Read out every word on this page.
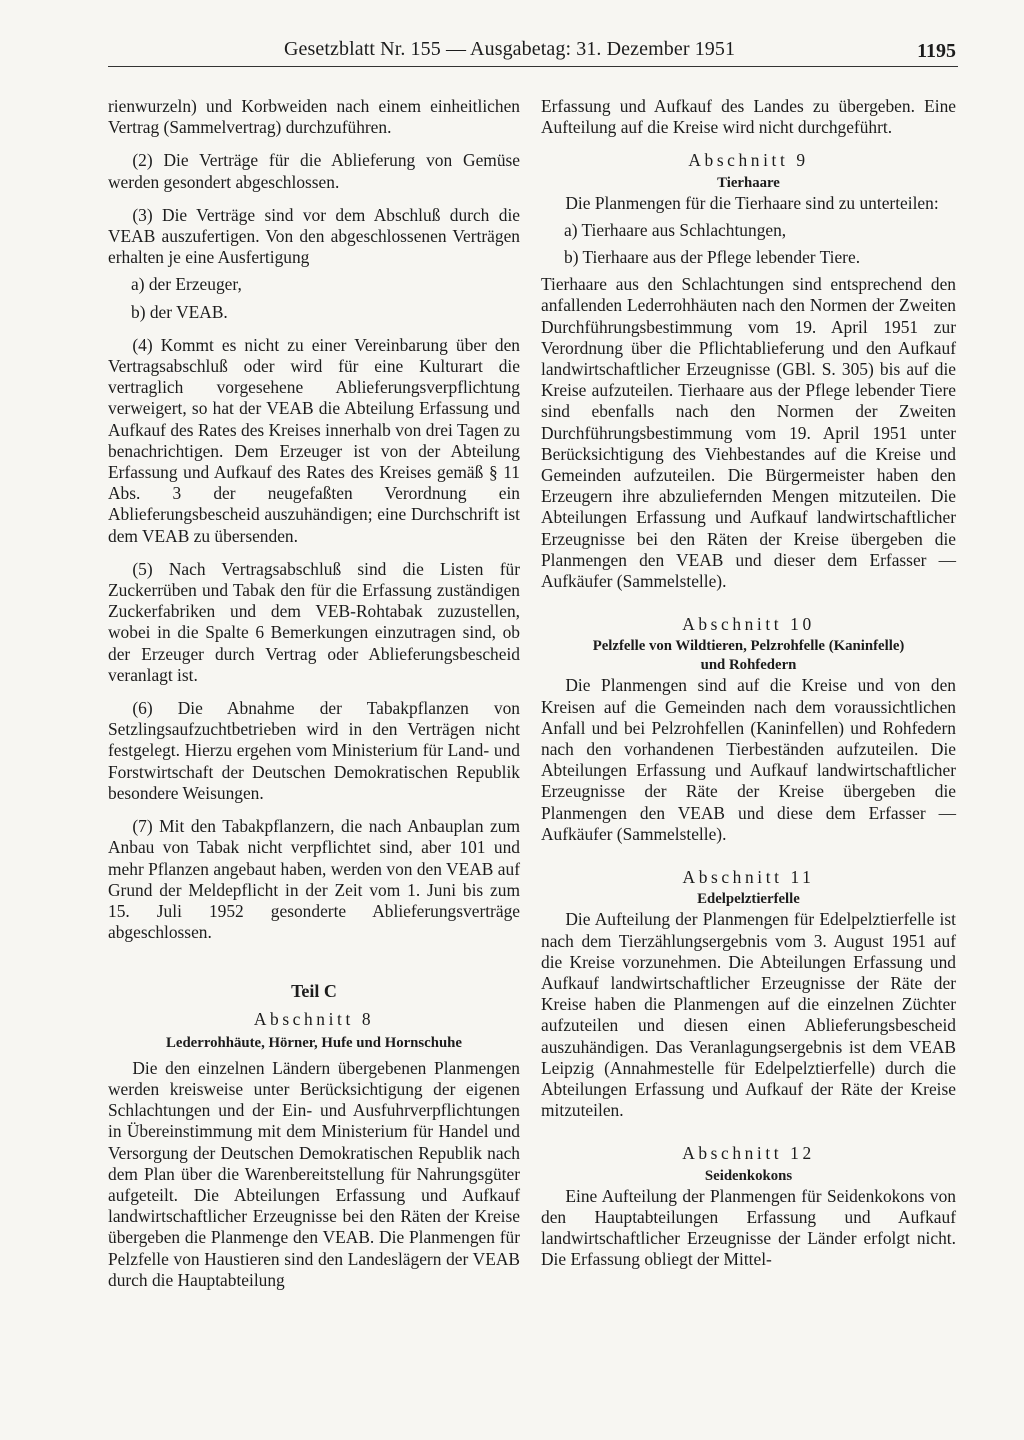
Gesetzblatt Nr. 155 — Ausgabetag: 31. Dezember 1951	1195

rienwurzeln) und Korbweiden nach einem einheitlichen Vertrag (Sammelvertrag) durchzuführen.

(2) Die Verträge für die Ablieferung von Gemüse werden gesondert abgeschlossen.

(3) Die Verträge sind vor dem Abschluß durch die VEAB auszufertigen. Von den abgeschlossenen Verträgen erhalten je eine Ausfertigung

a) der Erzeuger,

b) der VEAB.

(4) Kommt es nicht zu einer Vereinbarung über den Vertragsabschluß oder wird für eine Kulturart die vertraglich vorgesehene Ablieferungsverpflichtung verweigert, so hat der VEAB die Abteilung Erfassung und Aufkauf des Rates des Kreises innerhalb von drei Tagen zu benachrichtigen. Dem Erzeuger ist von der Abteilung Erfassung und Aufkauf des Rates des Kreises gemäß § 11 Abs. 3 der neugefaßten Verordnung ein Ablieferungsbescheid auszuhändigen; eine Durchschrift ist dem VEAB zu übersenden.

(5) Nach Vertragsabschluß sind die Listen für Zuckerrüben und Tabak den für die Erfassung zuständigen Zuckerfabriken und dem VEB-Rohtabak zuzustellen, wobei in die Spalte 6 Bemerkungen einzutragen sind, ob der Erzeuger durch Vertrag oder Ablieferungsbescheid veranlagt ist.

(6) Die Abnahme der Tabakpflanzen von Setzlingsaufzuchtbetrieben wird in den Verträgen nicht festgelegt. Hierzu ergehen vom Ministerium für Land- und Forstwirtschaft der Deutschen Demokratischen Republik besondere Weisungen.

(7) Mit den Tabakpflanzern, die nach Anbauplan zum Anbau von Tabak nicht verpflichtet sind, aber 101 und mehr Pflanzen angebaut haben, werden von den VEAB auf Grund der Meldepflicht in der Zeit vom 1. Juni bis zum 15. Juli 1952 gesonderte Ablieferungsverträge abgeschlossen.

Teil C

Abschnitt 8

Lederrohhäute, Hörner, Hufe und Hornschuhe

Die den einzelnen Ländern übergebenen Planmengen werden kreisweise unter Berücksichtigung der eigenen Schlachtungen und der Ein- und Ausfuhrverpflichtungen in Übereinstimmung mit dem Ministerium für Handel und Versorgung der Deutschen Demokratischen Republik nach dem Plan über die Warenbereitstellung für Nahrungsgüter aufgeteilt. Die Abteilungen Erfassung und Aufkauf landwirtschaftlicher Erzeugnisse bei den Räten der Kreise übergeben die Planmenge den VEAB. Die Planmengen für Pelzfelle von Haustieren sind den Landeslägern der VEAB durch die Hauptabteilung

Erfassung und Aufkauf des Landes zu übergeben. Eine Aufteilung auf die Kreise wird nicht durchgeführt.

Abschnitt 9

Tierhaare

Die Planmengen für die Tierhaare sind zu unterteilen:

a) Tierhaare aus Schlachtungen,

b) Tierhaare aus der Pflege lebender Tiere.

Tierhaare aus den Schlachtungen sind entsprechend den anfallenden Lederrohhäuten nach den Normen der Zweiten Durchführungsbestimmung vom 19. April 1951 zur Verordnung über die Pflichtablieferung und den Aufkauf landwirtschaftlicher Erzeugnisse (GBl. S. 305) bis auf die Kreise aufzuteilen. Tierhaare aus der Pflege lebender Tiere sind ebenfalls nach den Normen der Zweiten Durchführungsbestimmung vom 19. April 1951 unter Berücksichtigung des Viehbestandes auf die Kreise und Gemeinden aufzuteilen. Die Bürgermeister haben den Erzeugern ihre abzuliefernden Mengen mitzuteilen. Die Abteilungen Erfassung und Aufkauf landwirtschaftlicher Erzeugnisse bei den Räten der Kreise übergeben die Planmengen den VEAB und dieser dem Erfasser — Aufkäufer (Sammelstelle).

Abschnitt 10

Pelzfelle von Wildtieren, Pelzrohfelle (Kaninfelle)

und Rohfedern

Die Planmengen sind auf die Kreise und von den Kreisen auf die Gemeinden nach dem voraussichtlichen Anfall und bei Pelzrohfellen (Kaninfellen) und Rohfedern nach den vorhandenen Tierbeständen aufzuteilen. Die Abteilungen Erfassung und Aufkauf landwirtschaftlicher Erzeugnisse der Räte der Kreise übergeben die Planmengen den VEAB und diese dem Erfasser — Aufkäufer (Sammelstelle).

Abschnitt 11

Edelpelztierfelle

Die Aufteilung der Planmengen für Edelpelztierfelle ist nach dem Tierzählungsergebnis vom 3. August 1951 auf die Kreise vorzunehmen. Die Abteilungen Erfassung und Aufkauf landwirtschaftlicher Erzeugnisse der Räte der Kreise haben die Planmengen auf die einzelnen Züchter aufzuteilen und diesen einen Ablieferungsbescheid auszuhändigen. Das Veranlagungsergebnis ist dem VEAB Leipzig (Annahmestelle für Edelpelztierfelle) durch die Abteilungen Erfassung und Aufkauf der Räte der Kreise mitzuteilen.

Abschnitt 12

Seidenkokons

Eine Aufteilung der Planmengen für Seidenkokons von den Hauptabteilungen Erfassung und Aufkauf landwirtschaftlicher Erzeugnisse der Länder erfolgt nicht. Die Erfassung obliegt der Mittel-
